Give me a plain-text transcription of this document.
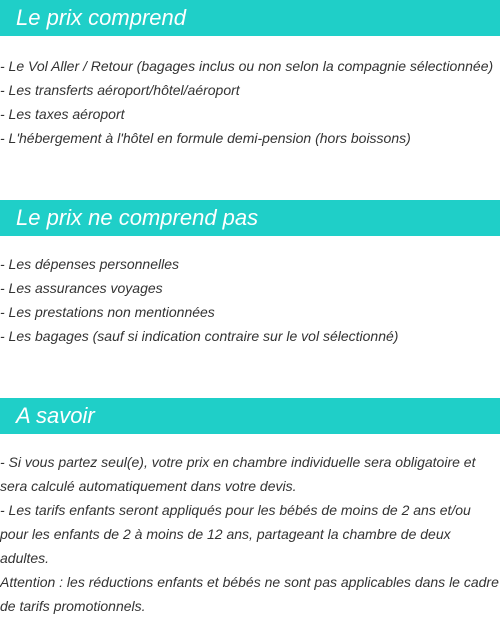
Le prix comprend
- Le Vol Aller / Retour (bagages inclus ou non selon la compagnie sélectionnée)
- Les transferts aéroport/hôtel/aéroport
- Les taxes aéroport
- L'hébergement à l'hôtel en formule demi-pension (hors boissons)
Le prix ne comprend pas
- Les dépenses personnelles
- Les assurances voyages
- Les prestations non mentionnées
- Les bagages (sauf si indication contraire sur le vol sélectionné)
A savoir

- Si vous partez seul(e), votre prix en chambre individuelle sera obligatoire et sera calculé automatiquement dans votre devis.

- Les tarifs enfants seront appliqués pour les bébés de moins de 2 ans et/ou pour les enfants de 2 à moins de 12 ans, partageant la chambre de deux adultes.

Attention : les réductions enfants et bébés ne sont pas applicables dans le cadre de tarifs promotionnels.
